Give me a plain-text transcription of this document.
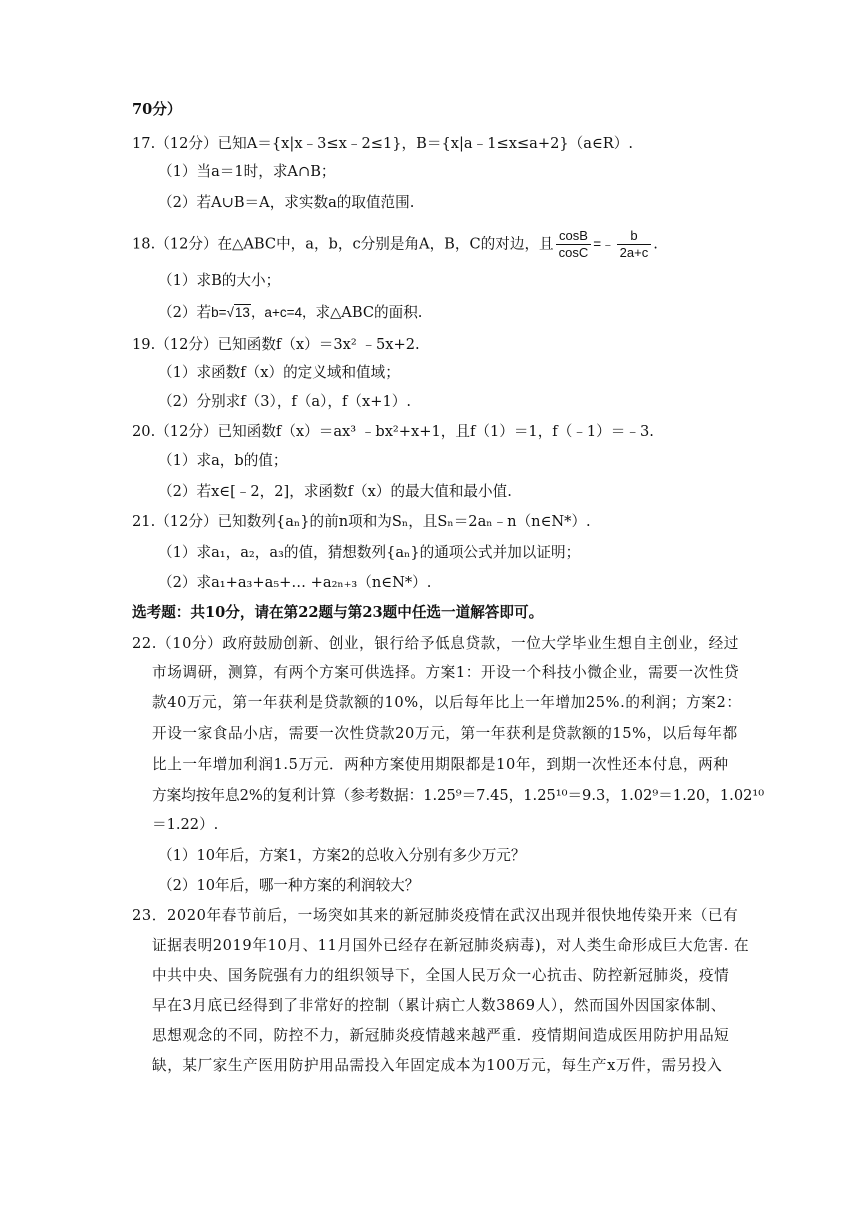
70分）
17.（12分）已知A＝{x|x﹣3≤x﹣2≤1}，B＝{x|a﹣1≤x≤a+2}（a∈R）.
（1）当a＝1时，求A∩B；
（2）若A∪B＝A，求实数a的取值范围.
18.（12分）在△ABC中，a，b，c分别是角A，B，C的对边，且 $\frac{\cos B}{\cos C}$ =﹣ $\frac{b}{2a+c}$ .
（1）求B的大小；
（2）若b=√13，a+c=4，求△ABC的面积.
19.（12分）已知函数f（x）＝3x² ﹣5x+2.
（1）求函数f（x）的定义域和值域；
（2）分别求f（3），f（a），f（x+1）.
20.（12分）已知函数f（x）＝ax³ ﹣bx²+x+1，且f（1）＝1，f（﹣1）＝﹣3.
（1）求a，b的值；
（2）若x∈[﹣2，2]，求函数f（x）的最大值和最小值.
21.（12分）已知数列{aₙ}的前n项和为Sₙ，且Sₙ＝2aₙ﹣n（n∈N*）.
（1）求a₁，a₂，a₃的值，猜想数列{aₙ}的通项公式并加以证明；
（2）求a₁+a₃+a₅+… +a₂ₙ₊₃（n∈N*）.
选考题：共10分，请在第22题与第23题中任选一道解答即可。
22.（10分）政府鼓励创新、创业，银行给予低息贷款，一位大学毕业生想自主创业，经过
市场调研，测算，有两个方案可供选择。方案1：开设一个科技小微企业，需要一次性贷
款40万元，第一年获利是贷款额的10%，以后每年比上一年增加25%.的利润；方案2：
开设一家食品小店，需要一次性贷款20万元，第一年获利是贷款额的15%，以后每年都
比上一年增加利润1.5万元．两种方案使用期限都是10年，到期一次性还本付息，两种
方案均按年息2%的复利计算（参考数据：1.25⁹＝7.45，1.25¹⁰＝9.3，1.02⁹＝1.20，1.02¹⁰
＝1.22）.
（1）10年后，方案1，方案2的总收入分别有多少万元？
（2）10年后，哪一种方案的利润较大？
23．2020年春节前后，一场突如其来的新冠肺炎疫情在武汉出现并很快地传染开来（已有
证据表明2019年10月、11月国外已经存在新冠肺炎病毒)，对人类生命形成巨大危害. 在
中共中央、国务院强有力的组织领导下，全国人民万众一心抗击、防控新冠肺炎，疫情
早在3月底已经得到了非常好的控制（累计病亡人数3869人），然而国外因国家体制、
思想观念的不同，防控不力，新冠肺炎疫情越来越严重．疫情期间造成医用防护用品短
缺，某厂家生产医用防护用品需投入年固定成本为100万元，每生产x万件，需另投入
